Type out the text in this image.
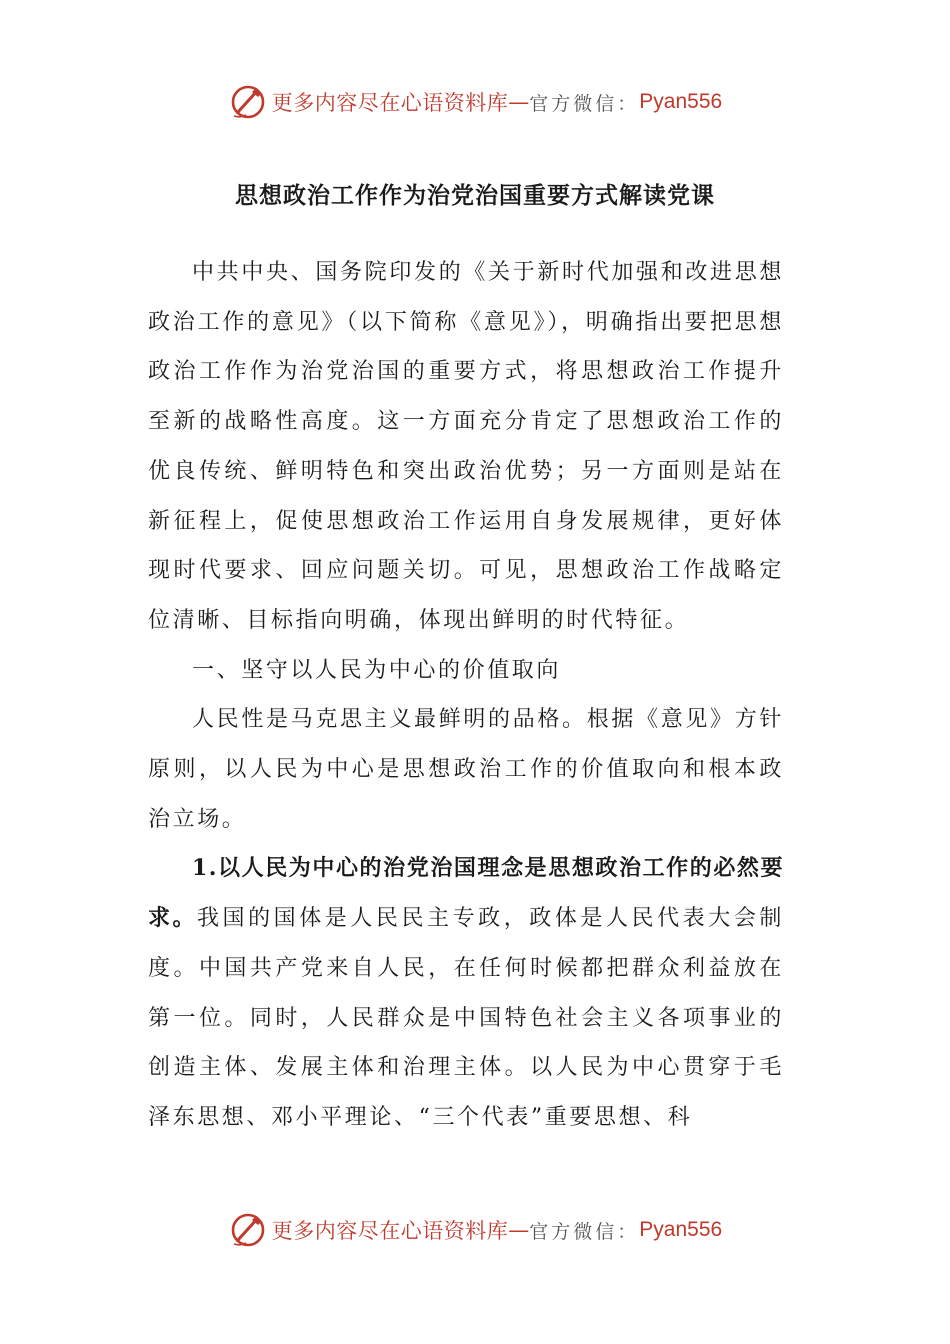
更多内容尽在心语资料库 — 官方微信： Pyan556
思想政治工作作为治党治国重要方式解读党课

中共中央、国务院印发的《关于新时代加强和改进思想政治工作的意见》（以下简称《意见》），明确指出要把思想政治工作作为治党治国的重要方式，将思想政治工作提升至新的战略性高度。这一方面充分肯定了思想政治工作的优良传统、鲜明特色和突出政治优势；另一方面则是站在新征程上，促使思想政治工作运用自身发展规律，更好体现时代要求、回应问题关切。可见，思想政治工作战略定位清晰、目标指向明确，体现出鲜明的时代特征。

一、坚守以人民为中心的价值取向

人民性是马克思主义最鲜明的品格。根据《意见》方针原则，以人民为中心是思想政治工作的价值取向和根本政治立场。

1.以人民为中心的治党治国理念是思想政治工作的必然要求。我国的国体是人民民主专政，政体是人民代表大会制度。中国共产党来自人民，在任何时候都把群众利益放在第一位。同时，人民群众是中国特色社会主义各项事业的创造主体、发展主体和治理主体。以人民为中心贯穿于毛泽东思想、邓小平理论、“三个代表”重要思想、科

更多内容尽在心语资料库 — 官方微信： Pyan556
